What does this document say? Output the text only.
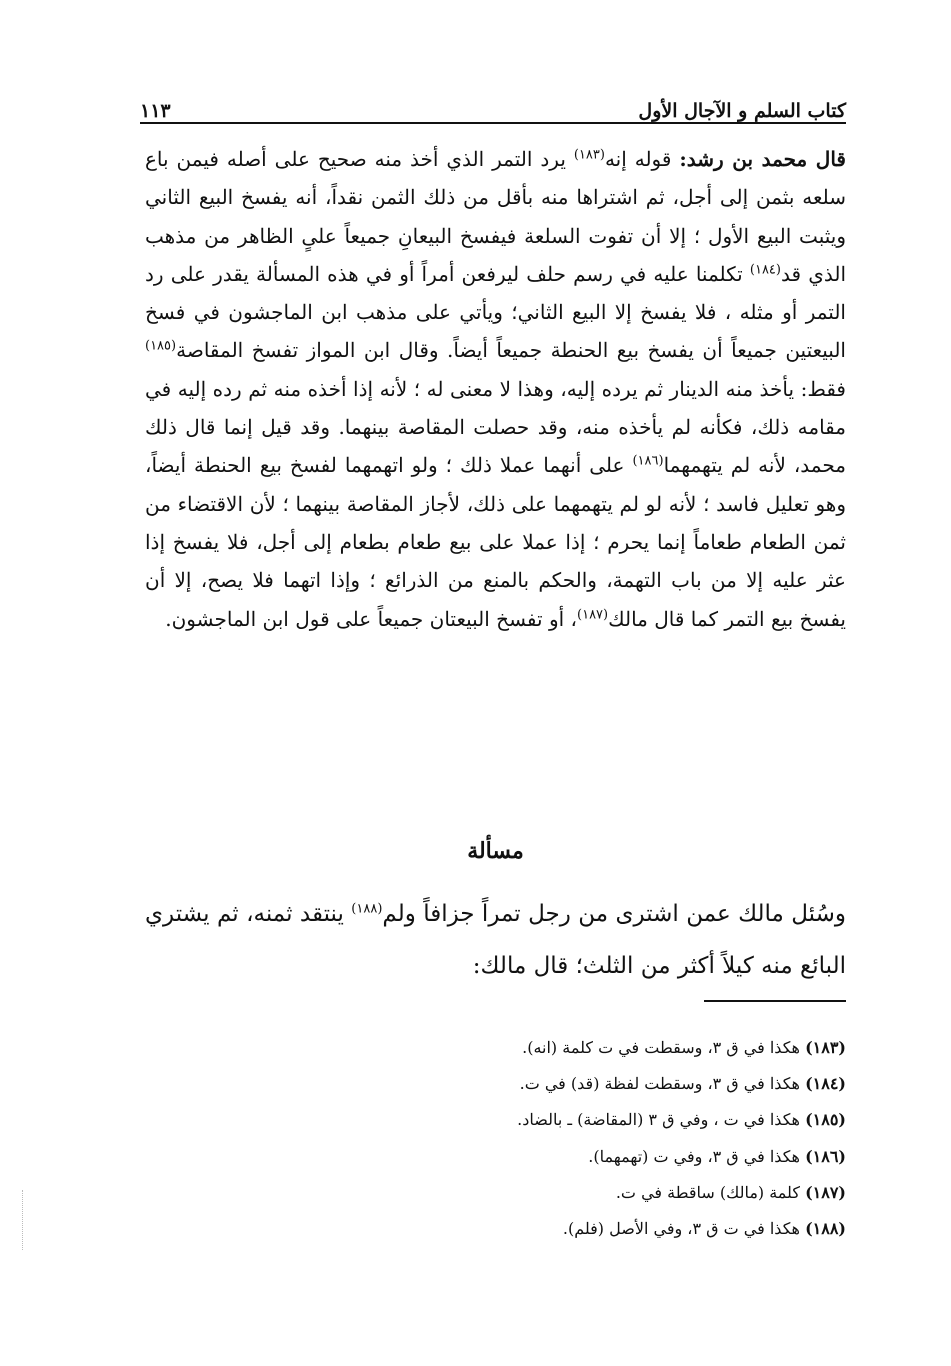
كتاب السلم و الآجال الأول
١١٣

قال محمد بن رشد: قوله إنه$^{(١٨٣)}$ يرد التمر الذي أخذ منه صحيح على أصله فيمن باع سلعه بثمن إلى أجل، ثم اشتراها منه بأقل من ذلك الثمن نقداً، أنه يفسخ البيع الثاني ويثبت البيع الأول ؛ إلا أن تفوت السلعة فيفسخ البيعانِ جميعاً علىٍ الظاهر من مذهب الذي قد$^{(١٨٤)}$ تكلمنا عليه في رسم حلف ليرفعن أمراً أو في هذه المسألة يقدر على رد التمر أو مثله ، فلا يفسخ إلا البيع الثاني؛ ويأتي على مذهب ابن الماجشون في فسخ البيعتين جميعاً أن يفسخ بيع الحنطة جميعاً أيضاً. وقال ابن المواز تفسخ المقاصة$^{(١٨٥)}$ فقط: يأخذ منه الدينار ثم يرده إليه، وهذا لا معنى له ؛ لأنه إذا أخذه منه ثم رده إليه في مقامه ذلك، فكأنه لم يأخذه منه، وقد حصلت المقاصة بينهما. وقد قيل إنما قال ذلك محمد، لأنه لم يتهمهما$^{(١٨٦)}$ على أنهما عملا ذلك ؛ ولو اتهمهما لفسخ بيع الحنطة أيضاً، وهو تعليل فاسد ؛ لأنه لو لم يتهمهما على ذلك، لأجاز المقاصة بينهما ؛ لأن الاقتضاء من ثمن الطعام طعاماً إنما يحرم ؛ إذا عملا على بيع طعام بطعام إلى أجل، فلا يفسخ إذا عثر عليه إلا من باب التهمة، والحكم بالمنع من الذرائع ؛ وإذا اتهما فلا يصح، إلا أن يفسخ بيع التمر كما قال مالك$^{(١٨٧)}$، أو تفسخ البيعتان جميعاً على قول ابن الماجشون.

مسألة

وسُئل مالك عمن اشترى من رجل تمراً جزافاً ولم$^{(١٨٨)}$ ينتقد ثمنه، ثم يشتري البائع منه كيلاً أكثر من الثلث؛ قال مالك:

(١٨٣) هكذا في ق ٣، وسقطت في ت كلمة (انه).
(١٨٤) هكذا في ق ٣، وسقطت لفظة (قد) في ت.
(١٨٥) هكذا في ت ، وفي ق ٣ (المقاضة) ـ بالضاد.
(١٨٦) هكذا في ق ٣، وفي ت (تهمهما).
(١٨٧) كلمة (مالك) ساقطة في ت.
(١٨٨) هكذا في ت ق ٣، وفي الأصل (فلم).
